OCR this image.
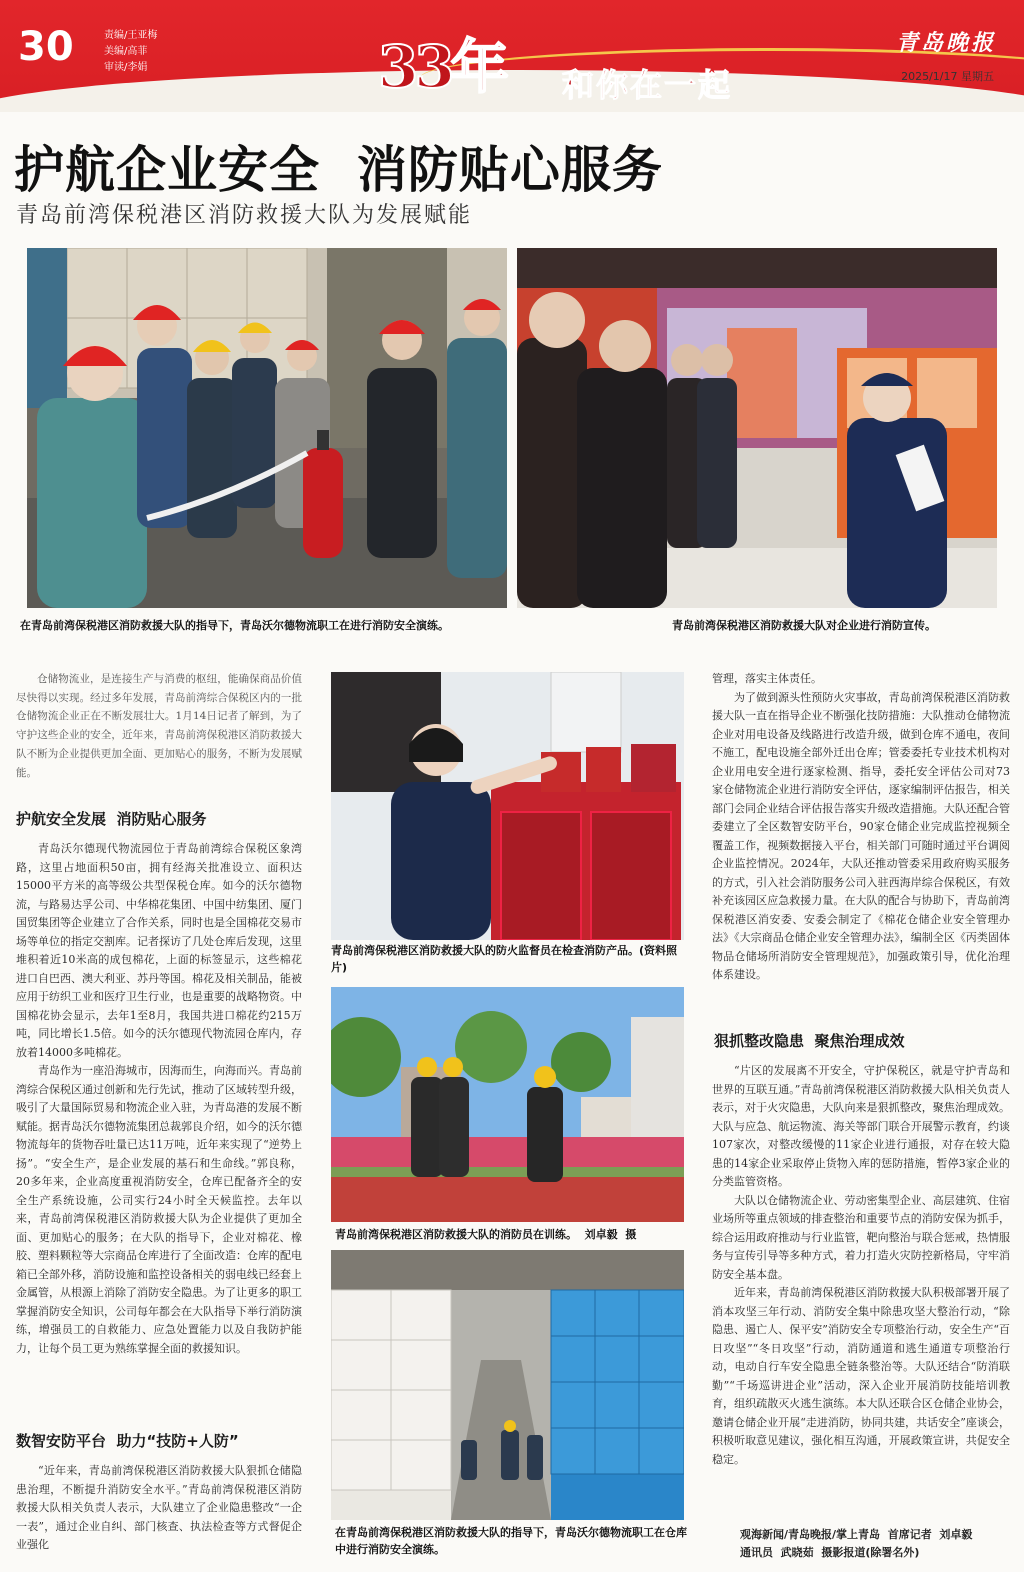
30	责编/王亚梅
美编/高菲
审读/李娟	33年 和你在一起
青岛晚报
2025/1/17 星期五
护航企业安全  消防贴心服务
青岛前湾保税港区消防救援大队为发展赋能
在青岛前湾保税港区消防救援大队的指导下，青岛沃尔德物流职工在进行消防安全演练。	青岛前湾保税港区消防救援大队对企业进行消防宣传。

仓储物流业，是连接生产与消费的枢纽，能确保商品价值尽快得以实现。经过多年发展，青岛前湾综合保税区内的一批仓储物流企业正在不断发展壮大。1月14日记者了解到，为了守护这些企业的安全，近年来，青岛前湾保税港区消防救援大队不断为企业提供更加全面、更加贴心的服务，不断为发展赋能。

护航安全发展  消防贴心服务

青岛沃尔德现代物流园位于青岛前湾综合保税区象湾路，这里占地面积50亩，拥有经海关批准设立、面积达15000平方米的高等级公共型保税仓库。如今的沃尔德物流，与路易达孚公司、中华棉花集团、中国中纺集团、厦门国贸集团等企业建立了合作关系，同时也是全国棉花交易市场等单位的指定交割库。记者探访了几处仓库后发现，这里堆积着近10米高的成包棉花，上面的标签显示，这些棉花进口自巴西、澳大利亚、苏丹等国。棉花及相关制品，能被应用于纺织工业和医疗卫生行业，也是重要的战略物资。中国棉花协会显示，去年1至8月，我国共进口棉花约215万吨，同比增长1.5倍。如今的沃尔德现代物流园仓库内，存放着14000多吨棉花。

青岛作为一座沿海城市，因海而生，向海而兴。青岛前湾综合保税区通过创新和先行先试，推动了区域转型升级，吸引了大量国际贸易和物流企业入驻，为青岛港的发展不断赋能。据青岛沃尔德物流集团总裁郭良介绍，如今的沃尔德物流每年的货物吞吐量已达11万吨，近年来实现了“逆势上扬”。“安全生产，是企业发展的基石和生命线。”郭良称，20多年来，企业高度重视消防安全，仓库已配备齐全的安全生产系统设施，公司实行24小时全天候监控。去年以来，青岛前湾保税港区消防救援大队为企业提供了更加全面、更加贴心的服务；在大队的指导下，企业对棉花、橡胶、塑料颗粒等大宗商品仓库进行了全面改造：仓库的配电箱已全部外移，消防设施和监控设备相关的弱电线已经套上金属管，从根源上消除了消防安全隐患。为了让更多的职工掌握消防安全知识，公司每年都会在大队指导下举行消防演练，增强员工的自救能力、应急处置能力以及自我防护能力，让每个员工更为熟练掌握全面的救援知识。

数智安防平台  助力“技防+人防”

“近年来，青岛前湾保税港区消防救援大队狠抓仓储隐患治理，不断提升消防安全水平。”青岛前湾保税港区消防救援大队相关负责人表示，大队建立了企业隐患整改“一企一表”，通过企业自纠、部门核查、执法检查等方式督促企业强化

青岛前湾保税港区消防救援大队的防火监督员在检查消防产品。(资料照片)
青岛前湾保税港区消防救援大队的消防员在训练。  刘卓毅  摄
在青岛前湾保税港区消防救援大队的指导下，青岛沃尔德物流职工在仓库中进行消防安全演练。

管理，落实主体责任。

为了做到源头性预防火灾事故，青岛前湾保税港区消防救援大队一直在指导企业不断强化技防措施：大队推动仓储物流企业对用电设备及线路进行改造升级，做到仓库不通电，夜间不施工，配电设施全部外迁出仓库；管委委托专业技术机构对企业用电安全进行逐家检测、指导，委托安全评估公司对73家仓储物流企业进行消防安全评估，逐家编制评估报告，相关部门会同企业结合评估报告落实升级改造措施。大队还配合管委建立了全区数智安防平台，90家仓储企业完成监控视频全覆盖工作，视频数据接入平台，相关部门可随时通过平台调阅企业监控情况。2024年，大队还推动管委采用政府购买服务的方式，引入社会消防服务公司入驻西海岸综合保税区，有效补充该园区应急救援力量。在大队的配合与协助下，青岛前湾保税港区消安委、安委会制定了《棉花仓储企业安全管理办法》《大宗商品仓储企业安全管理办法》，编制全区《丙类固体物品仓储场所消防安全管理规范》，加强政策引导，优化治理体系建设。

狠抓整改隐患  聚焦治理成效

“片区的发展离不开安全，守护保税区，就是守护青岛和世界的互联互通。”青岛前湾保税港区消防救援大队相关负责人表示，对于火灾隐患，大队向来是狠抓整改，聚焦治理成效。大队与应急、航运物流、海关等部门联合开展警示教育，约谈107家次，对整改缓慢的11家企业进行通报，对存在较大隐患的14家企业采取停止货物入库的惩防措施，暂停3家企业的分类监管资格。

大队以仓储物流企业、劳动密集型企业、高层建筑、住宿业场所等重点领域的排查整治和重要节点的消防安保为抓手，综合运用政府推动与行业监管，靶向整治与联合惩戒，热情服务与宣传引导等多种方式，着力打造火灾防控新格局，守牢消防安全基本盘。

近年来，青岛前湾保税港区消防救援大队积极部署开展了消本攻坚三年行动、消防安全集中除患攻坚大整治行动，“除隐患、遏亡人、保平安”消防安全专项整治行动，安全生产“百日攻坚”“冬日攻坚”行动，消防通道和逃生通道专项整治行动，电动自行车安全隐患全链条整治等。大队还结合“防消联勤”“千场巡讲进企业”活动，深入企业开展消防技能培训教育，组织疏散灭火逃生演练。本大队还联合区仓储企业协会，邀请仓储企业开展“走进消防，协同共建，共话安全”座谈会，积极听取意见建议，强化相互沟通，开展政策宣讲，共促安全稳定。

观海新闻/青岛晚报/掌上青岛  首席记者  刘卓毅
通讯员  武晓茹  摄影报道(除署名外)
